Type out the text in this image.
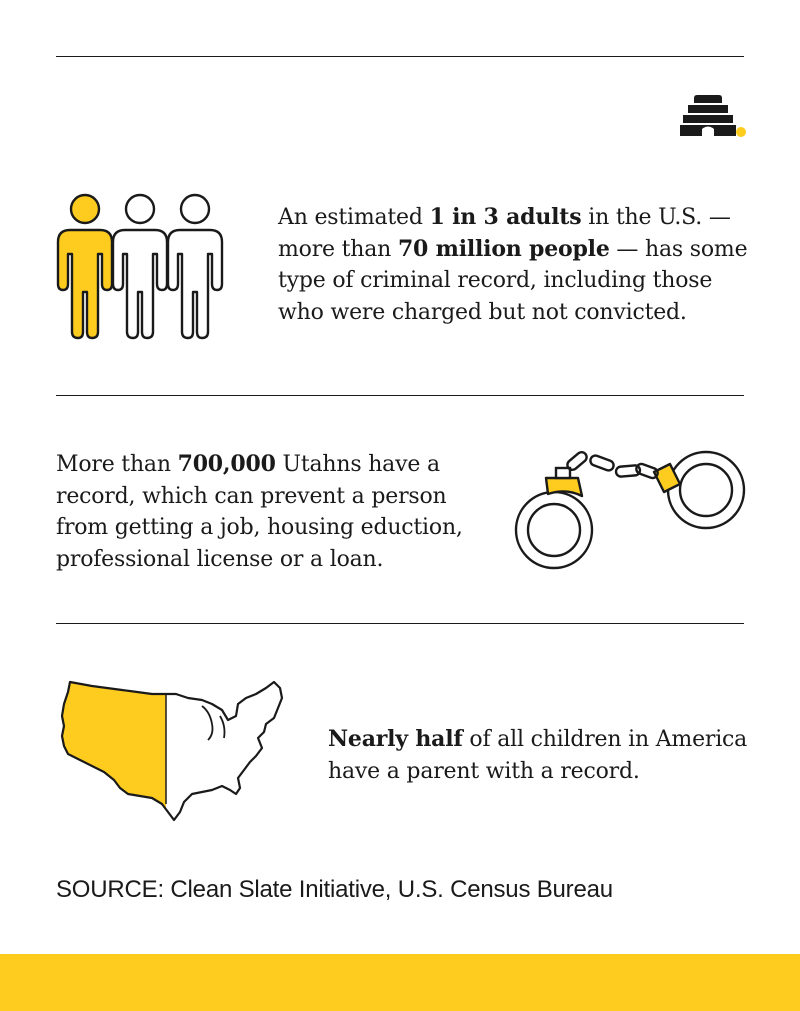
An estimated 1 in 3 adults in the U.S. — more than 70 million people — has some type of criminal record, including those who were charged but not convicted.
More than 700,000 Utahns have a record, which can prevent a person from getting a job, housing eduction, professional license or a loan.
Nearly half of all children in America have a parent with a record.
SOURCE: Clean Slate Initiative, U.S. Census Bureau
